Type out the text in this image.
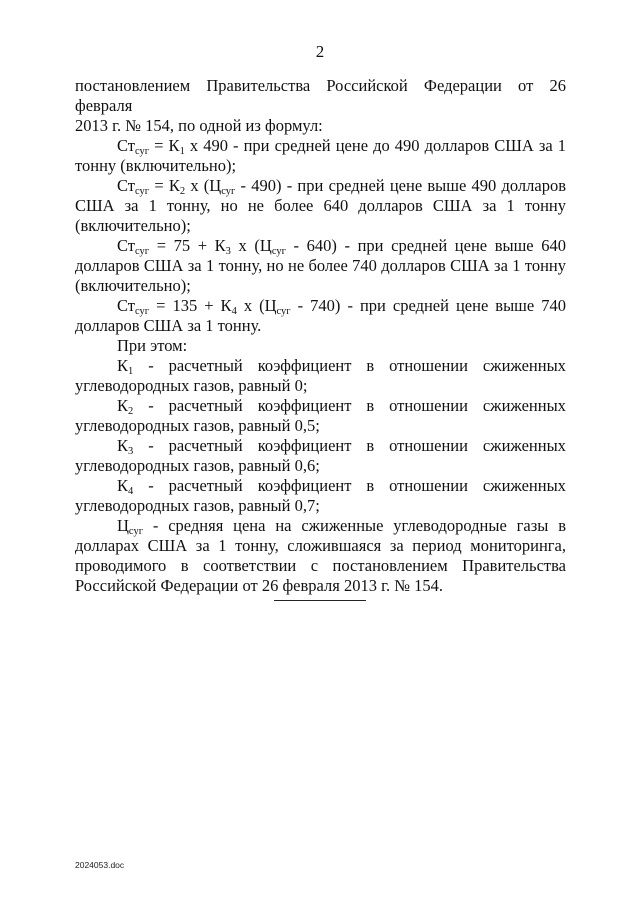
2

постановлением Правительства Российской Федерации от 26 февраля
2013 г. № 154, по одной из формул:

$Ст_{суг} = К_1$ х 490 - при средней цене до 490 долларов США за 1 тонну (включительно);

$Ст_{суг} = К_2$ х $(Ц_{суг} - 490)$ - при средней цене выше 490 долларов США за 1 тонну, но не более 640 долларов США за 1 тонну (включительно);

$Ст_{суг} = 75 + К_3$ х $(Ц_{суг} - 640)$ - при средней цене выше 640 долларов США за 1 тонну, но не более 740 долларов США за 1 тонну (включительно);

$Ст_{суг} = 135 + К_4$ х $(Ц_{суг} - 740)$ - при средней цене выше 740 долларов США за 1 тонну.

При этом:

$К_1$ - расчетный коэффициент в отношении сжиженных

углеводородных газов, равный 0;

$К_2$ - расчетный коэффициент в отношении сжиженных

углеводородных газов, равный 0,5;

$К_3$ - расчетный коэффициент в отношении сжиженных

углеводородных газов, равный 0,6;

$К_4$ - расчетный коэффициент в отношении сжиженных

углеводородных газов, равный 0,7;

$Ц_{суг}$ - средняя цена на сжиженные углеводородные газы в долларах США за 1 тонну, сложившаяся за период мониторинга, проводимого в соответствии с постановлением Правительства Российской Федерации от 26 февраля 2013 г. № 154.

2024053.doc
